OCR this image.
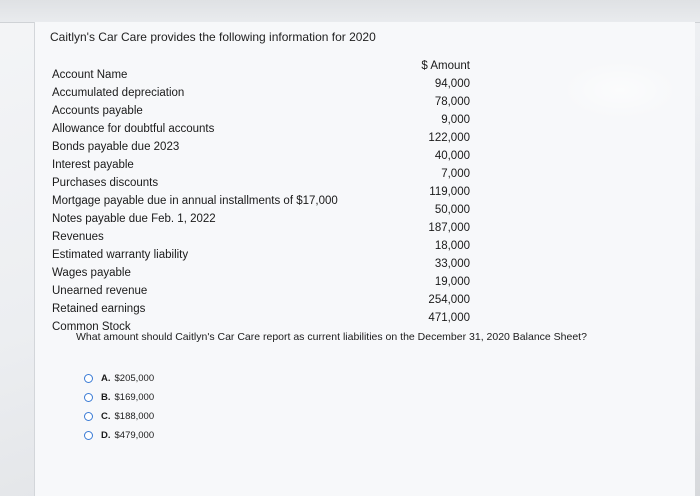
Caitlyn's Car Care provides the following information for 2020
Account Name
Accumulated depreciation
Accounts payable
Allowance for doubtful accounts
Bonds payable due 2023
Interest payable
Purchases discounts
Mortgage payable due in annual installments of $17,000
Notes payable due Feb. 1, 2022
Revenues
Estimated warranty liability
Wages payable
Unearned revenue
Retained earnings
Common Stock
$ Amount
94,000
78,000
9,000
122,000
40,000
7,000
119,000
50,000
187,000
18,000
33,000
19,000
254,000
471,000
What amount should Caitlyn's Car Care report as current liabilities on the December 31, 2020 Balance Sheet?
A. $205,000
B. $169,000
C. $188,000
D. $479,000
